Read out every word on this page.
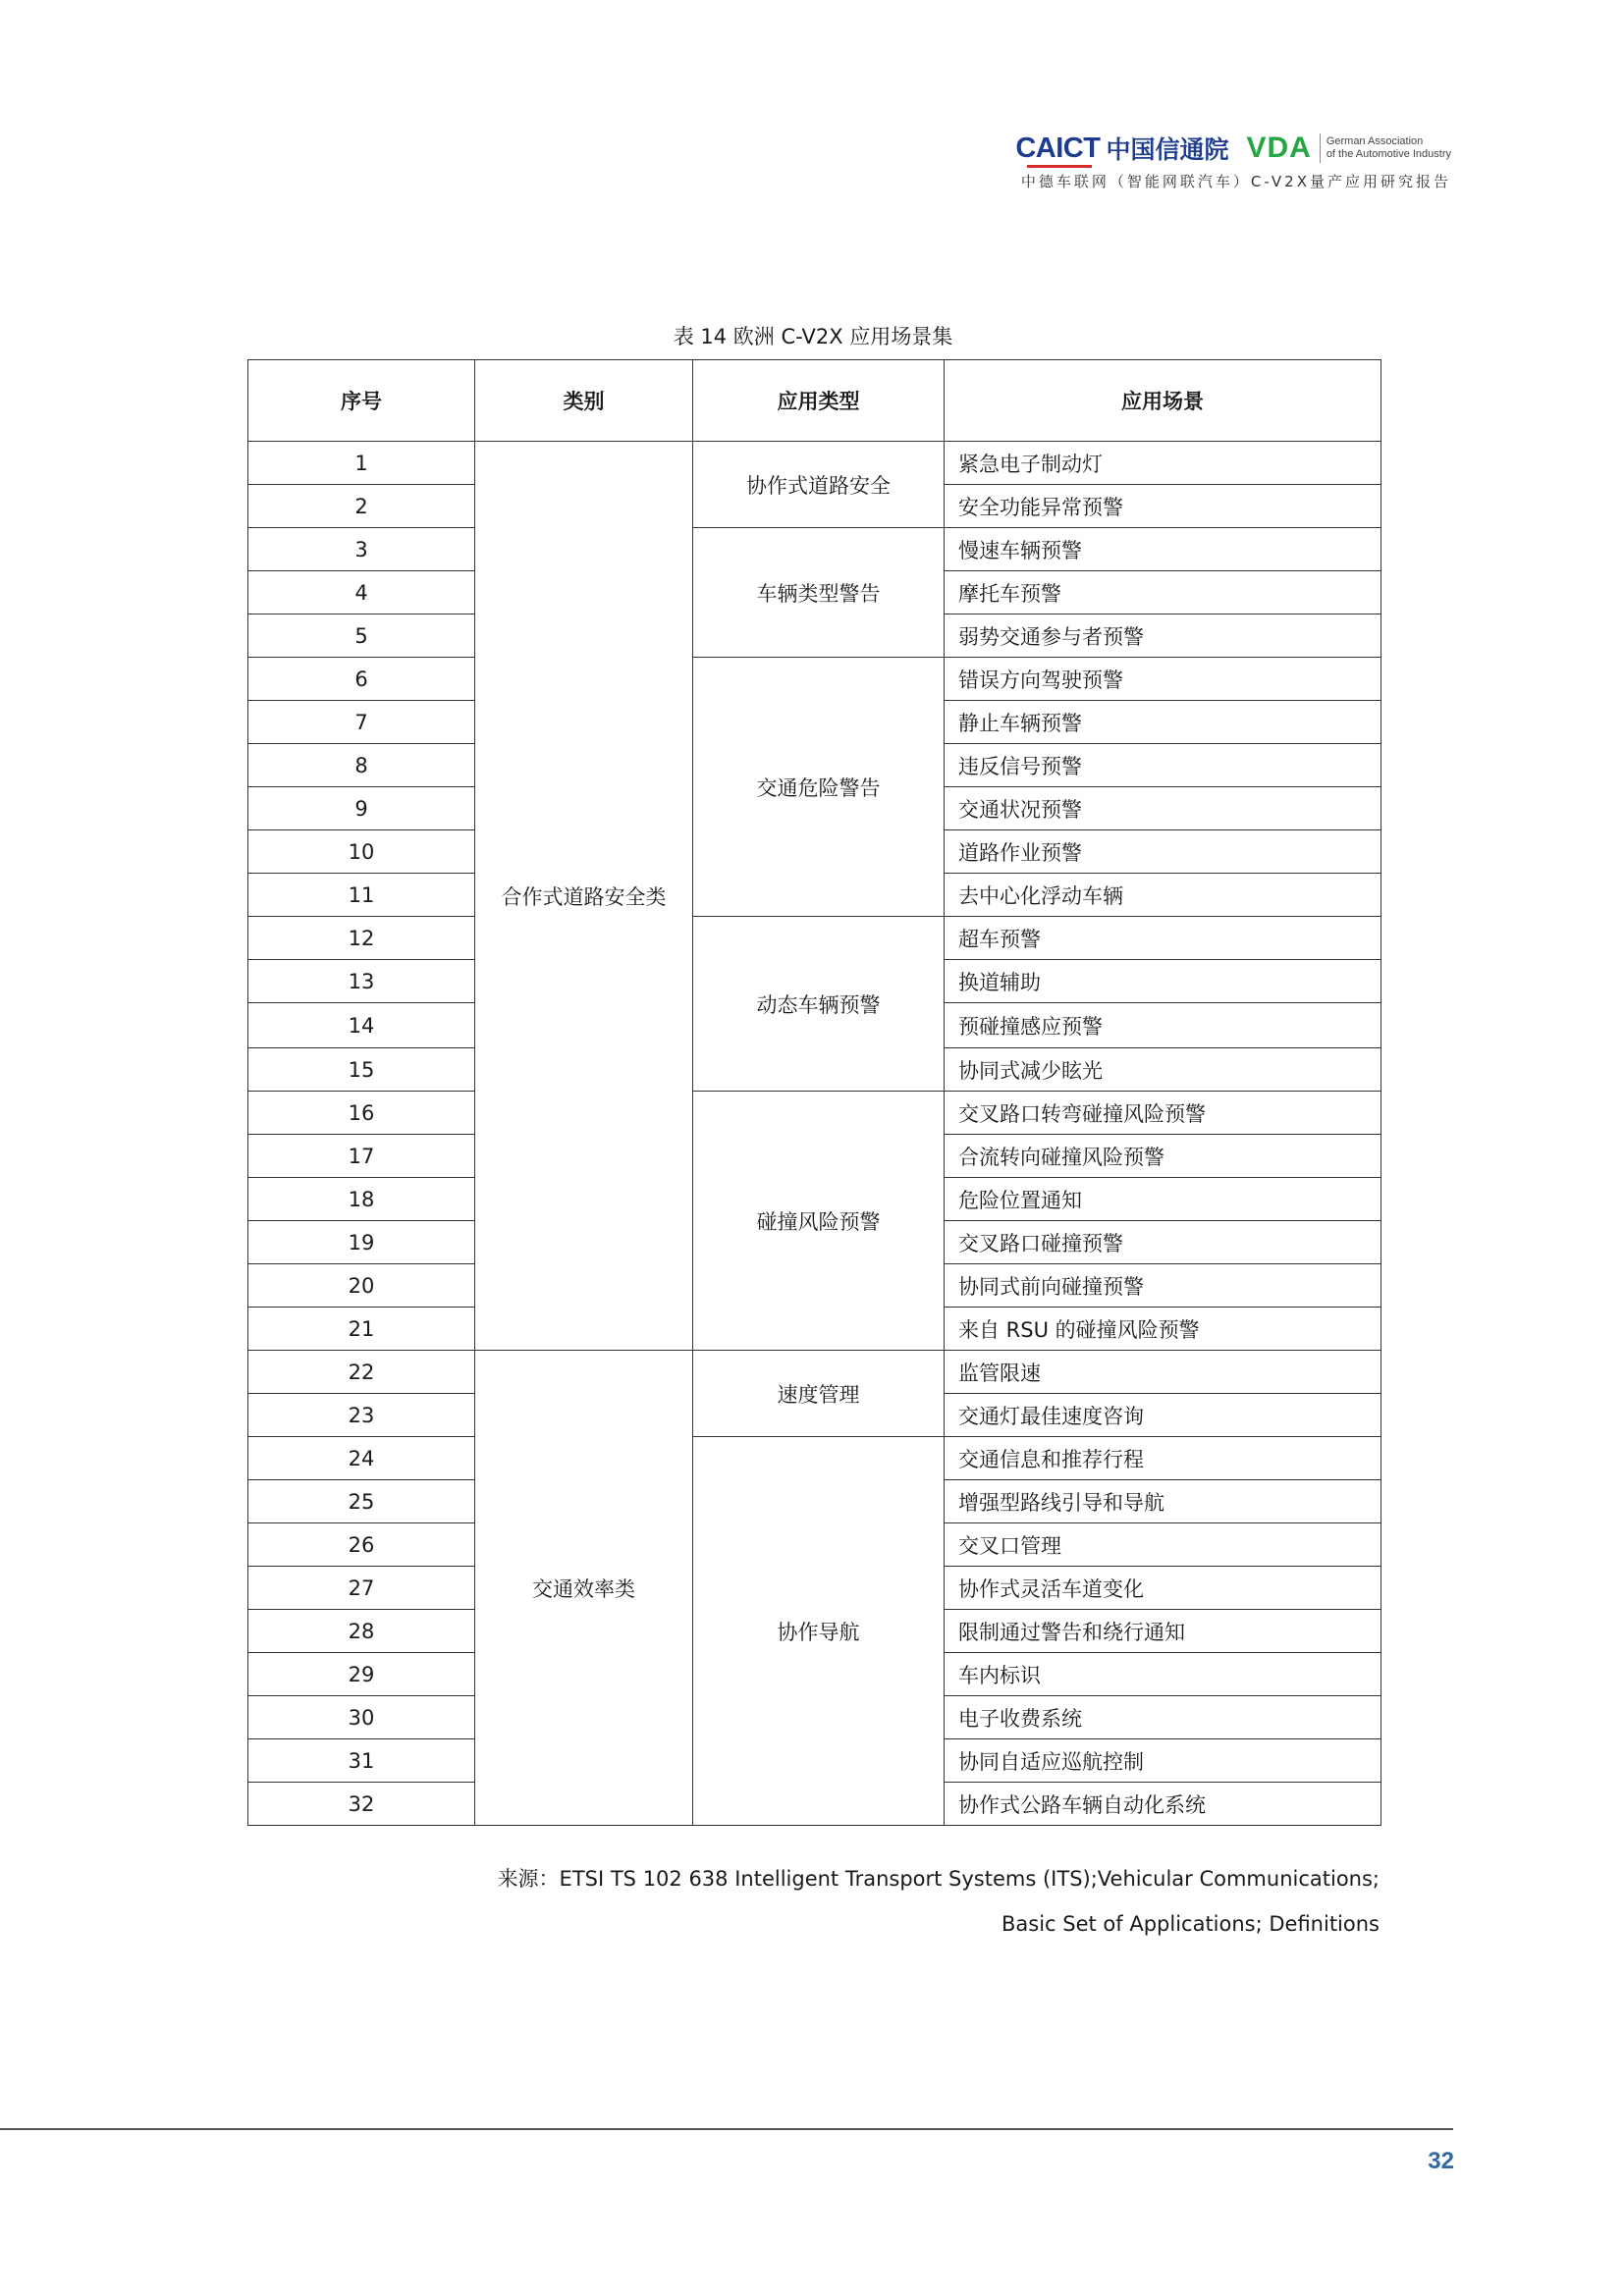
CAICT 中国信通院 VDA German Association
of the Automotive Industry
中德车联网（智能网联汽车）C-V2X量产应用研究报告
表 14 欧洲 C-V2X 应用场景集
序号	类别	应用类型	应用场景
1	合作式道路安全类	协作式道路安全	紧急电子制动灯
2			安全功能异常预警
3		车辆类型警告	慢速车辆预警
4			摩托车预警
5			弱势交通参与者预警
6		交通危险警告	错误方向驾驶预警
7			静止车辆预警
8			违反信号预警
9			交通状况预警
10			道路作业预警
11			去中心化浮动车辆
12		动态车辆预警	超车预警
13			换道辅助
14			预碰撞感应预警
15			协同式减少眩光
16		碰撞风险预警	交叉路口转弯碰撞风险预警
17			合流转向碰撞风险预警
18			危险位置通知
19			交叉路口碰撞预警
20			协同式前向碰撞预警
21			来自 RSU 的碰撞风险预警
22	交通效率类	速度管理	监管限速
23			交通灯最佳速度咨询
24		协作导航	交通信息和推荐行程
25			增强型路线引导和导航
26			交叉口管理
27			协作式灵活车道变化
28			限制通过警告和绕行通知
29			车内标识
30			电子收费系统
31			协同自适应巡航控制
32			协作式公路车辆自动化系统
来源：ETSI TS 102 638 Intelligent Transport Systems (ITS);Vehicular Communications;
Basic Set of Applications; Definitions
32
